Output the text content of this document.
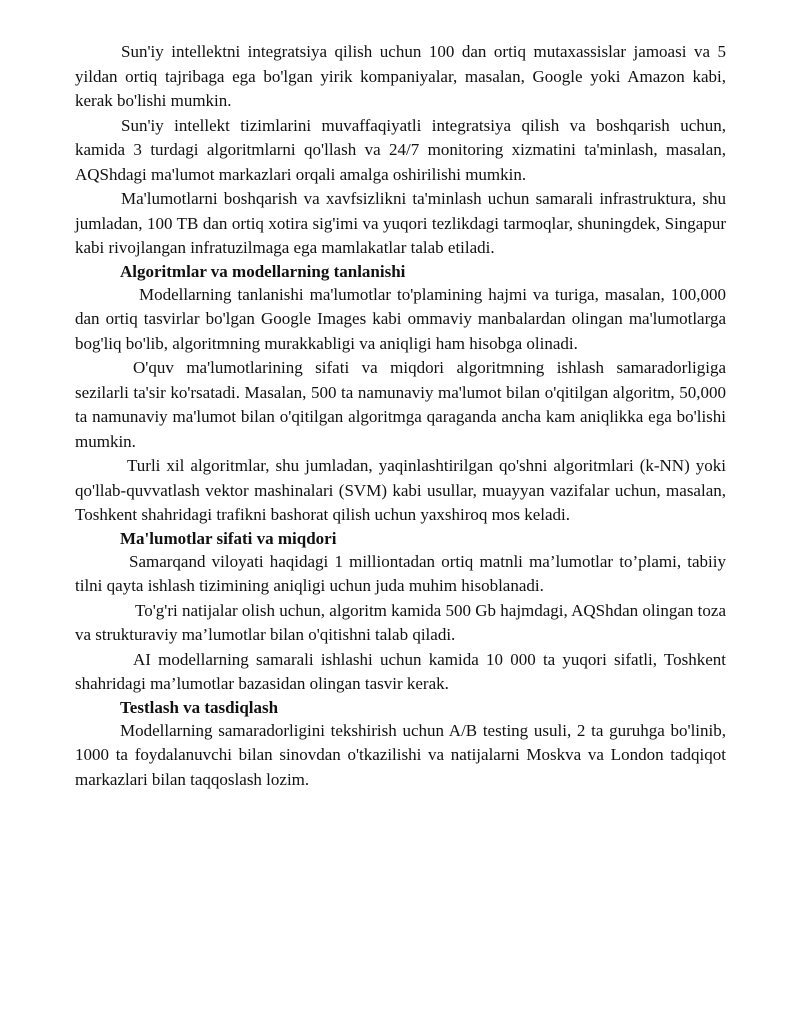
Sun'iy intellektni integratsiya qilish uchun 100 dan ortiq mutaxassislar jamoasi va 5 yildan ortiq tajribaga ega bo'lgan yirik kompaniyalar, masalan, Google yoki Amazon kabi, kerak bo'lishi mumkin.

Sun'iy intellekt tizimlarini muvaffaqiyatli integratsiya qilish va boshqarish uchun, kamida 3 turdagi algoritmlarni qo'llash va 24/7 monitoring xizmatini ta'minlash, masalan, AQShdagi ma'lumot markazlari orqali amalga oshirilishi mumkin.

Ma'lumotlarni boshqarish va xavfsizlikni ta'minlash uchun samarali infrastruktura, shu jumladan, 100 TB dan ortiq xotira sig'imi va yuqori tezlikdagi tarmoqlar, shuningdek, Singapur kabi rivojlangan infratuzilmaga ega mamlakatlar talab etiladi.

Algoritmlar va modellarning tanlanishi

Modellarning tanlanishi ma'lumotlar to'plamining hajmi va turiga, masalan, 100,000 dan ortiq tasvirlar bo'lgan Google Images kabi ommaviy manbalardan olingan ma'lumotlarga bog'liq bo'lib, algoritmning murakkabligi va aniqligi ham hisobga olinadi.

O'quv ma'lumotlarining sifati va miqdori algoritmning ishlash samaradorligiga sezilarli ta'sir ko'rsatadi. Masalan, 500 ta namunaviy ma'lumot bilan o'qitilgan algoritm, 50,000 ta namunaviy ma'lumot bilan o'qitilgan algoritmga qaraganda ancha kam aniqlikka ega bo'lishi mumkin.

Turli xil algoritmlar, shu jumladan, yaqinlashtirilgan qo'shni algoritmlari (k-NN) yoki qo'llab-quvvatlash vektor mashinalari (SVM) kabi usullar, muayyan vazifalar uchun, masalan, Toshkent shahridagi trafikni bashorat qilish uchun yaxshiroq mos keladi.

Ma'lumotlar sifati va miqdori

Samarqand viloyati haqidagi 1 milliontadan ortiq matnli ma’lumotlar to’plami, tabiiy tilni qayta ishlash tizimining aniqligi uchun juda muhim hisoblanadi.

To'g'ri natijalar olish uchun, algoritm kamida 500 Gb hajmdagi, AQShdan olingan toza va strukturaviy ma’lumotlar bilan o'qitishni talab qiladi.

AI modellarning samarali ishlashi uchun kamida 10 000 ta yuqori sifatli, Toshkent shahridagi ma’lumotlar bazasidan olingan tasvir kerak.

Testlash va tasdiqlash

Modellarning samaradorligini tekshirish uchun A/B testing usuli, 2 ta guruhga bo'linib, 1000 ta foydalanuvchi bilan sinovdan o'tkazilishi va natijalarni Moskva va London tadqiqot markazlari bilan taqqoslash lozim.
